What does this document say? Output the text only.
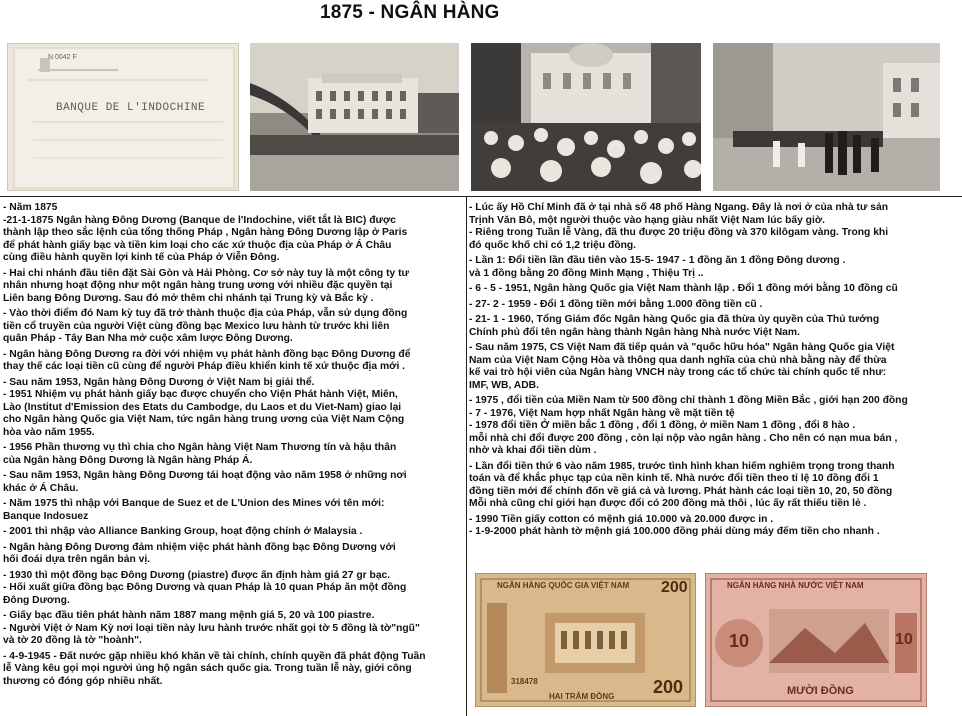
1875 - NGÂN HÀNG
N 0042 F
BANQUE DE L'INDOCHINE
- Năm 1875
-21-1-1875 Ngân hàng Đông Dương (Banque de l'Indochine, viết tắt là BIC) được
thành lập theo sắc lệnh của tổng thống Pháp , Ngân hàng Đông Dương lập ở Paris
để phát hành giấy bạc và tiền kim loại cho các xứ thuộc địa của Pháp ở Á Châu
cùng điều hành quyền lợi kinh tế của Pháp ở Viễn Đông.
- Hai chi nhánh đầu tiên đặt Sài Gòn và Hải Phòng. Cơ sở này tuy là một công ty tư
nhân nhưng hoạt động như một ngân hàng trung ương với nhiều đặc quyền tại
Liên bang Đông Dương. Sau đó mở thêm chi nhánh tại Trung kỳ và Bắc kỳ .
- Vào thời điểm đó Nam kỳ tuy đã trở thành thuộc địa của Pháp, vẫn sử dụng đồng
tiền cổ truyền của người Việt cùng đồng bạc Mexico lưu hành từ trước khi liên
quân Pháp - Tây Ban Nha mở cuộc xâm lược Đông Dương.
- Ngân hàng Đông Dương ra đời với nhiệm vụ phát hành đồng bạc Đông Dương để
thay thế các loại tiền cũ cùng để người Pháp điều khiển kinh tế xứ thuộc địa mới .
- Sau năm 1953, Ngân hàng Đông Dương ở Việt Nam bị giải thể.
- 1951 Nhiệm vụ phát hành giấy bạc được chuyển cho Viện Phát hành Việt, Miên,
Lào (Institut d'Emission des Etats du Cambodge, du Laos et du Viet-Nam) giao lại
cho Ngân hàng Quốc gia Việt Nam, tức ngân hàng trung ương của Việt Nam Cộng
hòa vào năm 1955.
- 1956 Phần thương vụ thì chia cho Ngân hàng Việt Nam Thương tín và hậu thân
của Ngân hàng Đông Dương là Ngân hàng Pháp Á.
- Sau năm 1953, Ngân hàng Đông Dương tái hoạt động vào năm 1958 ở những nơi
khác ở Á Châu.
- Năm 1975 thì nhập với Banque de Suez et de L'Union des Mines với tên mới:
Banque Indosuez
- 2001 thì nhập vào Alliance Banking Group, hoạt động chính ở Malaysia .
- Ngân hàng Đông Dương đảm nhiệm việc phát hành đồng bạc Đông Dương với
hối đoái dựa trên ngân bản vị.
- 1930 thì một đồng bạc Đông Dương (piastre) được ấn định hàm giá 27 gr bạc.
- Hối xuất giữa đồng bạc Đông Dương và quan Pháp là 10 quan Pháp ăn một đồng
Đông Dương.
- Giấy bạc đầu tiên phát hành năm 1887 mang mệnh giá 5, 20 và 100 piastre.
- Người Việt ở Nam Kỳ nơi loại tiền này lưu hành trước nhất gọi tờ 5 đồng là tờ"ngũ"
và tờ 20 đồng là tờ "hoành".
- 4-9-1945 - Đất nước gặp nhiều khó khăn về tài chính, chính quyền đã phát động Tuần
lễ Vàng kêu gọi mọi người ủng hộ ngân sách quốc gia. Trong tuần lễ này, giới công
thương có đóng góp nhiều nhất.
- Lúc ấy Hồ Chí Minh đã ở tại nhà số 48 phố Hàng Ngang. Đây là nơi ở của nhà tư sản
Trịnh Văn Bô, một người thuộc vào hạng giàu nhất Việt Nam lúc bấy giờ.
- Riêng trong Tuần lễ Vàng, đã thu được 20 triệu đồng và 370 kilôgam vàng. Trong khi
đó quốc khố chỉ có 1,2 triệu đồng.
- Lần 1: Đổi tiền lần đầu tiên vào 15-5- 1947 - 1 đồng ăn 1 đồng Đông dương .
và 1 đồng bằng 20 đồng Minh Mạng , Thiệu Trị ..
- 6 - 5 - 1951, Ngân hàng Quốc gia Việt Nam thành lập . Đổi 1 đồng mới bằng 10 đồng cũ
- 27- 2 - 1959 - Đổi 1 đồng tiền mới bằng 1.000 đồng tiền cũ .
- 21- 1 - 1960, Tổng Giám đốc Ngân hàng Quốc gia đã thừa ủy quyền của Thủ tướng
Chính phủ đổi tên ngân hàng thành Ngân hàng Nhà nước Việt Nam.
- Sau năm 1975, CS Việt Nam đã tiếp quản và "quốc hữu hóa" Ngân hàng Quốc gia Việt
Nam của Việt Nam Cộng Hòa và thông qua danh nghĩa của chủ nhà bằng này để thừa
kế vai trò hội viên của Ngân hàng VNCH này trong các tổ chức tài chính quốc tế như:
IMF, WB, ADB.
- 1975 , đổi tiền của Miền Nam từ 500 đồng chỉ thành 1 đồng Miền Bắc , giới hạn 200 đồng
- 7 - 1976, Việt Nam hợp nhất Ngân hàng về mặt tiền tệ
- 1978 đổi tiền Ở miền bắc 1 đồng , đổi 1 đồng, ở miền Nam 1 đồng , đổi 8 hào .
mỗi nhà chỉ đổi được 200 đồng , còn lại nộp vào ngân hàng . Cho nên có nạn mua bán ,
nhờ và khai đổi tiền dùm .
- Lần đổi tiền thứ 6 vào năm 1985, trước tình hình khan hiếm nghiêm trọng trong thanh
toán và để khắc phục tạp của nền kinh tế. Nhà nước đổi tiền theo tỉ lệ 10 đồng đổi 1
đồng tiền mới để chính đốn về giá cả và lương. Phát hành các loại tiền 10, 20, 50 đồng
Mỗi nhà cũng chỉ giới hạn được đổi có 200 đồng mà thôi , lúc ấy rất thiếu tiền lẻ .
- 1990 Tiền giấy cotton có mệnh giá 10.000 và 20.000 được in .
- 1-9-2000 phát hành tờ mệnh giá 100.000 đồng phải dùng máy đếm tiền cho nhanh .
NGÂN HÀNG QUỐC GIA VIỆT NAM 200
200
318478
HAI TRĂM ĐỒNG
NGÂN HÀNG NHÀ NƯỚC VIỆT NAM
10	10
MƯỜI ĐỒNG
